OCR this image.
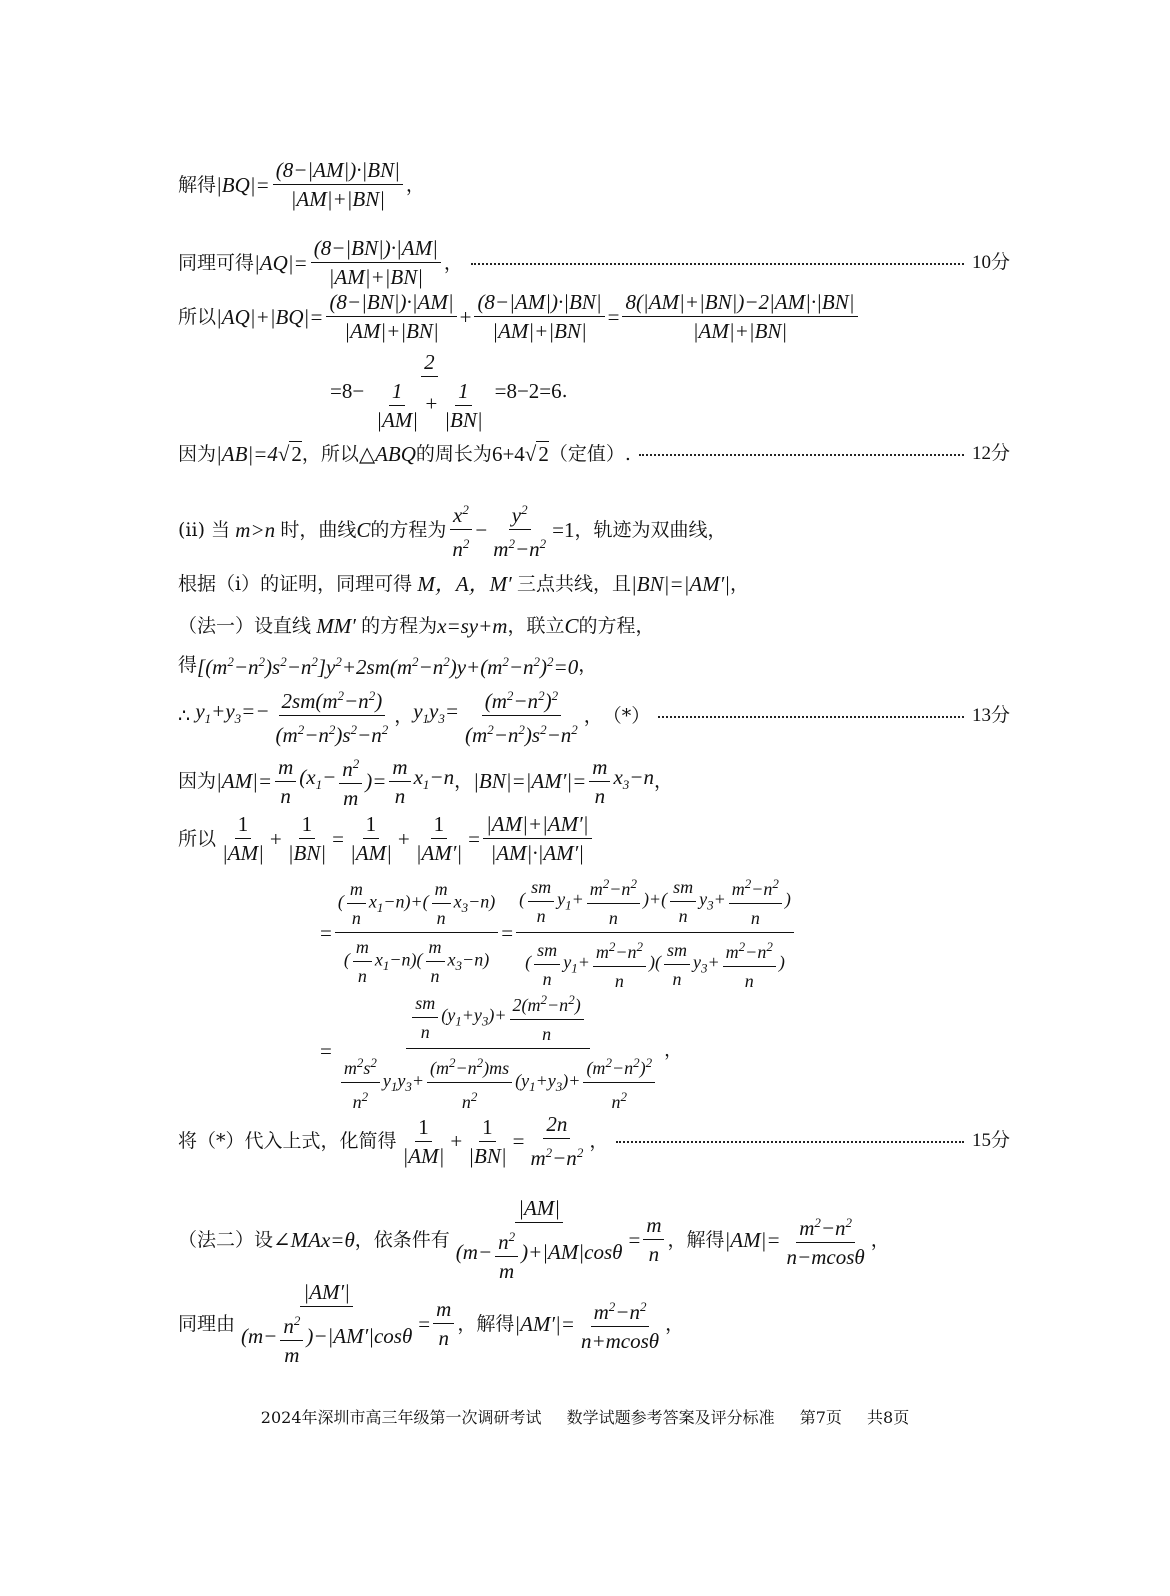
解得 $|BQ|= \frac{(8-|AM|)\cdot|BN|}{|AM|+|BN|}$ ，
同理可得 $|AQ|= \frac{(8-|BN|)\cdot|AM|}{|AM|+|BN|}$ ，	10分
所以 $|AQ|+|BQ|= \frac{(8-|BN|)\cdot|AM|}{|AM|+|BN|} + \frac{(8-|AM|)\cdot|BN|}{|AM|+|BN|} = \frac{8(|AM|+|BN|)-2|AM|\cdot|BN|}{|AM|+|BN|}$
$=8- \frac{2}{\frac{1}{|AM|} + \frac{1}{|BN|}} =8-2=6$ .
因为 |AB|=4√2 ，所以 △ABQ 的周长为 6+4√2 （定值）.	12分
(ii) 当 m>n 时，曲线 C 的方程为 $\frac{x^2}{n^2} - \frac{y^2}{m^2-n^2} =1$ ，轨迹为双曲线，
根据（ⅰ）的证明，同理可得 M，A，M′ 三点共线，且 |BN|=|AM′| ，
（法一）设直线 MM′ 的方程为 x=sy+m ，联立 C 的方程，
得 $[(m^2-n^2)s^2-n^2]y^2+2sm(m^2-n^2)y+(m^2-n^2)^2=0$ ，
∴ $y_1+y_3=- \frac{2sm(m^2-n^2)}{(m^2-n^2)s^2-n^2}$ ， $y_1y_3= \frac{(m^2-n^2)^2}{(m^2-n^2)s^2-n^2}$ ， （*）	13分
因为 $|AM|= \frac{m}{n} (x_1- \frac{n^2}{m}$ )= $\frac{m}{n} x_1-n$ ， $|BN|=|AM'|= \frac{m}{n} x_3-n$ ，
所以 $\frac{1}{|AM|} + \frac{1}{|BN|} = \frac{1}{|AM|} + \frac{1}{|AM'|} = \frac{|AM|+|AM'|}{|AM|\cdot|AM'|}$
= $\frac{( \frac{m}{n} x_1-n)+( \frac{m}{n} x_3-n)}{( \frac{m}{n} x_1-n)( \frac{m}{n} x_3-n)} = \frac{( \frac{sm}{n} y_1+ \frac{m^2-n^2}{n} )+( \frac{sm}{n} y_3+ \frac{m^2-n^2}{n} )}{( \frac{sm}{n} y_1+ \frac{m^2-n^2}{n} )( \frac{sm}{n} y_3+ \frac{m^2-n^2}{n} )}$
= $\frac{\frac{sm}{n} (y_1+y_3)+ \frac{2(m^2-n^2)}{n}}{\frac{m^2s^2}{n^2} y_1y_3+ \frac{(m^2-n^2)ms}{n^2} (y_1+y_3)+ \frac{(m^2-n^2)^2}{n^2}}$ ，
将（*）代入上式，化简得 $\frac{1}{|AM|} + \frac{1}{|BN|} = \frac{2n}{m^2-n^2}$ ，	15分
（法二）设 ∠MAx=θ ，依条件有 $\frac{|AM|}{(m- \frac{n^2}{m} )+|AM|\cos\theta} = \frac{m}{n}$ ，解得 $|AM|= \frac{m^2-n^2}{n-mcos\theta}$ ，
同理由 $\frac{|AM'|}{(m- \frac{n^2}{m} )-|AM'|\cos\theta} = \frac{m}{n}$ ，解得 $|AM'|= \frac{m^2-n^2}{n+mcos\theta}$ ，
2024年深圳市高三年级第一次调研考试 数学试题参考答案及评分标准 第7页 共8页
